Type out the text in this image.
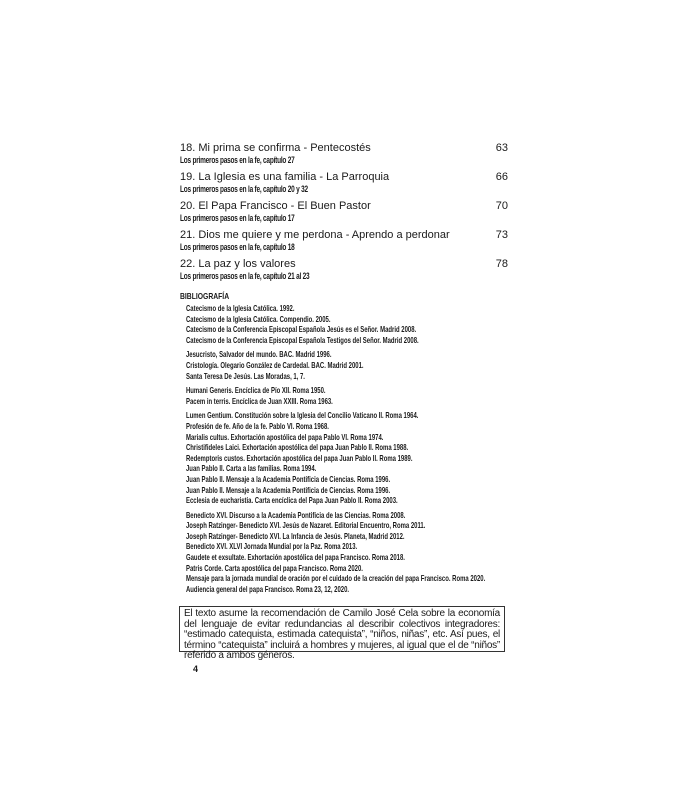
18. Mi prima se confirma - Pentecostés	63
Los primeros pasos en la fe, capítulo 27
19. La Iglesia es una familia - La Parroquia	66
Los primeros pasos en la fe, capítulo 20 y 32
20. El Papa Francisco - El Buen Pastor	70
Los primeros pasos en la fe, capítulo 17
21. Dios me quiere y me perdona - Aprendo a perdonar	73
Los primeros pasos en la fe, capítulo 18
22. La paz y los valores	78
Los primeros pasos en la fe, capítulo 21 al 23
BIBLIOGRAFÍA
Catecismo de la Iglesia Católica. 1992.
Catecismo de la Iglesia Católica. Compendio. 2005.
Catecismo de la Conferencia Episcopal Española Jesús es el Señor. Madrid 2008.
Catecismo de la Conferencia Episcopal Española Testigos del Señor. Madrid 2008.
Jesucristo, Salvador del mundo. BAC. Madrid 1996.
Cristología. Olegario González de Cardedal. BAC. Madrid 2001.
Santa Teresa De Jesús. Las Moradas, 1, 7.
Humani Generis. Encíclica de Pío XII. Roma 1950.
Pacem in terris. Encíclica de Juan XXIII. Roma 1963.
Lumen Gentium. Constitución sobre la Iglesia del Concilio Vaticano II. Roma 1964.
Profesión de fe. Año de la fe. Pablo VI. Roma 1968.
Marialis cultus. Exhortación apostólica del papa Pablo VI. Roma 1974.
Christifideles Laici. Exhortación apostólica del papa Juan Pablo II. Roma 1988.
Redemptoris custos. Exhortación apostólica del papa Juan Pablo II. Roma 1989.
Juan Pablo II. Carta a las familias. Roma 1994.
Juan Pablo II. Mensaje a la Academia Pontificia de Ciencias. Roma 1996.
Juan Pablo II. Mensaje a la Academia Pontificia de Ciencias. Roma 1996.
Ecclesia de eucharistia. Carta encíclica del Papa Juan Pablo II. Roma 2003.
Benedicto XVI. Discurso a la Academia Pontificia de las Ciencias. Roma 2008.
Joseph Ratzinger- Benedicto XVI. Jesús de Nazaret. Editorial Encuentro, Roma 2011.
Joseph Ratzinger- Benedicto XVI. La Infancia de Jesús. Planeta, Madrid 2012.
Benedicto XVI. XLVI Jornada Mundial por la Paz. Roma 2013.
Gaudete et exsultate. Exhortación apostólica del papa Francisco. Roma 2018.
Patris Corde. Carta apostólica del papa Francisco. Roma 2020.
Mensaje para la jornada mundial de oración por el cuidado de la creación del papa Francisco. Roma 2020.
Audiencia general del papa Francisco. Roma 23, 12, 2020.
El texto asume la recomendación de Camilo José Cela sobre la economía del lenguaje de evitar redundancias al describir colectivos integradores: “estimado catequista, estimada catequista”, “niños, niñas”, etc. Así pues, el término “catequista” incluirá a hombres y mujeres, al igual que el de “niños” referido a ambos géneros.
4
